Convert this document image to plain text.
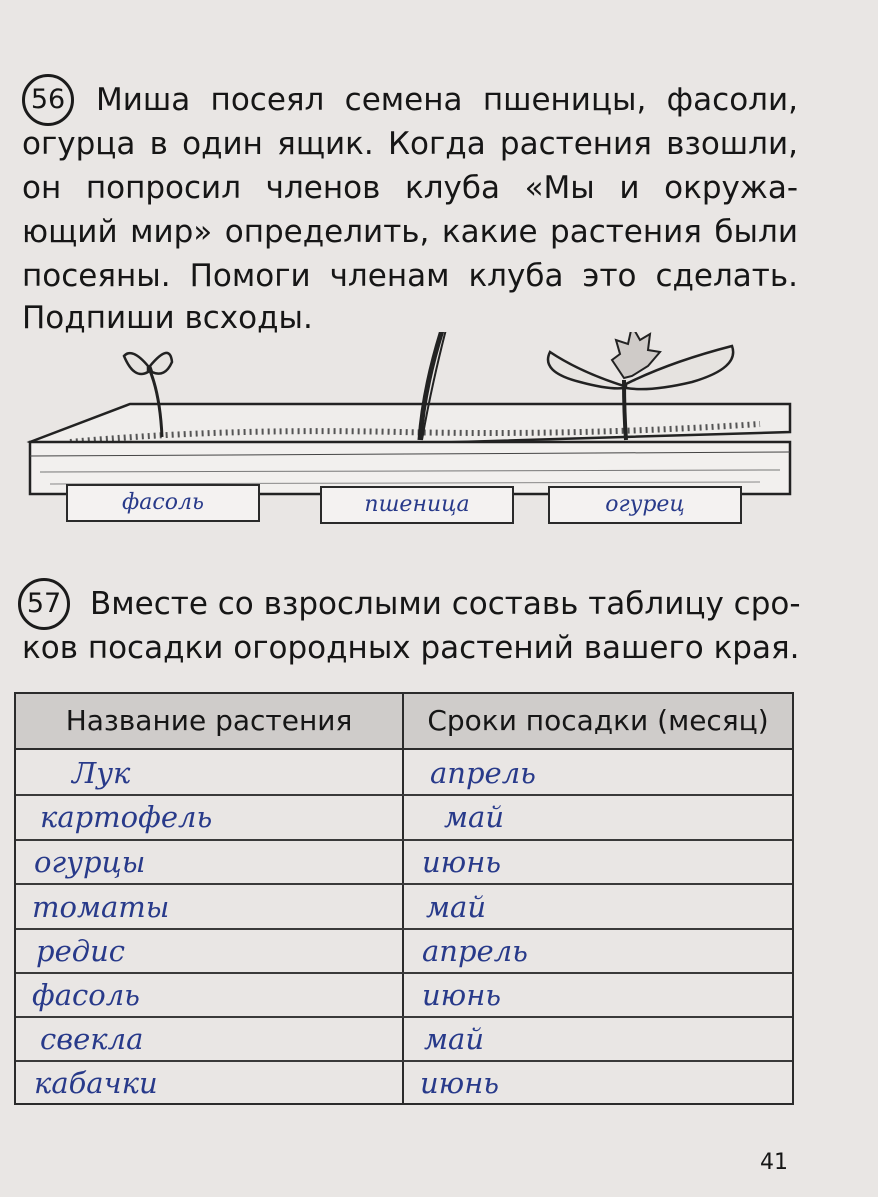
56 Миша посеял семена пшеницы, фасоли,
огурца в один ящик. Когда растения взошли,
он попросил членов клуба «Мы и окружа-
ющий мир» определить, какие растения были
посеяны. Помоги членам клуба это сделать.
Подпиши всходы.
фасоль	пшеница	огурец
57 Вместе со взрослыми составь таблицу сро-
ков посадки огородных растений вашего края.
Название растения	Сроки посадки (месяц)
Лук	апрель
картофель	май
огурцы	июнь
томаты	май
редис	апрель
фасоль	июнь
свекла	май
кабачки	июнь
41
